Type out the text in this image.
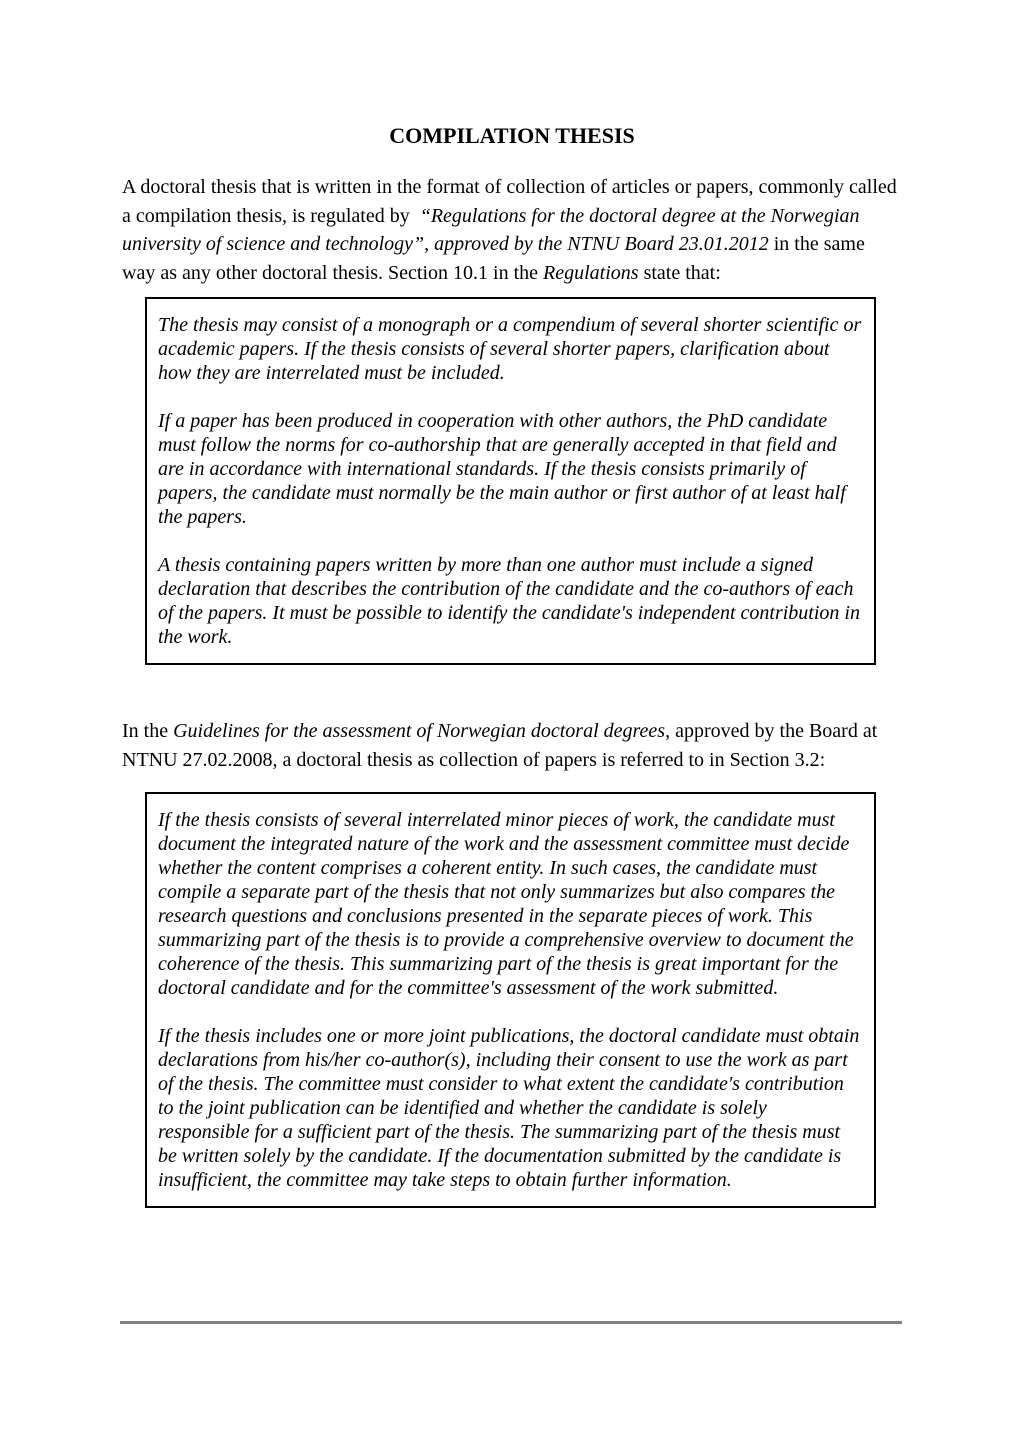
COMPILATION THESIS

A doctoral thesis that is written in the format of collection of articles or papers, commonly called a compilation thesis, is regulated by  “Regulations for the doctoral degree at the Norwegian university of science and technology”, approved by the NTNU Board 23.01.2012 in the same way as any other doctoral thesis. Section 10.1 in the Regulations state that:

The thesis may consist of a monograph or a compendium of several shorter scientific or academic papers. If the thesis consists of several shorter papers, clarification about how they are interrelated must be included.

If a paper has been produced in cooperation with other authors, the PhD candidate must follow the norms for co-authorship that are generally accepted in that field and are in accordance with international standards. If the thesis consists primarily of papers, the candidate must normally be the main author or first author of at least half the papers.

A thesis containing papers written by more than one author must include a signed declaration that describes the contribution of the candidate and the co-authors of each of the papers. It must be possible to identify the candidate's independent contribution in the work.

In the Guidelines for the assessment of Norwegian doctoral degrees, approved by the Board at NTNU 27.02.2008, a doctoral thesis as collection of papers is referred to in Section 3.2:

If the thesis consists of several interrelated minor pieces of work, the candidate must document the integrated nature of the work and the assessment committee must decide whether the content comprises a coherent entity. In such cases, the candidate must compile a separate part of the thesis that not only summarizes but also compares the research questions and conclusions presented in the separate pieces of work. This summarizing part of the thesis is to provide a comprehensive overview to document the coherence of the thesis. This summarizing part of the thesis is great important for the doctoral candidate and for the committee's assessment of the work submitted.

If the thesis includes one or more joint publications, the doctoral candidate must obtain declarations from his/her co-author(s), including their consent to use the work as part of the thesis. The committee must consider to what extent the candidate's contribution to the joint publication can be identified and whether the candidate is solely responsible for a sufficient part of the thesis. The summarizing part of the thesis must be written solely by the candidate. If the documentation submitted by the candidate is insufficient, the committee may take steps to obtain further information.
